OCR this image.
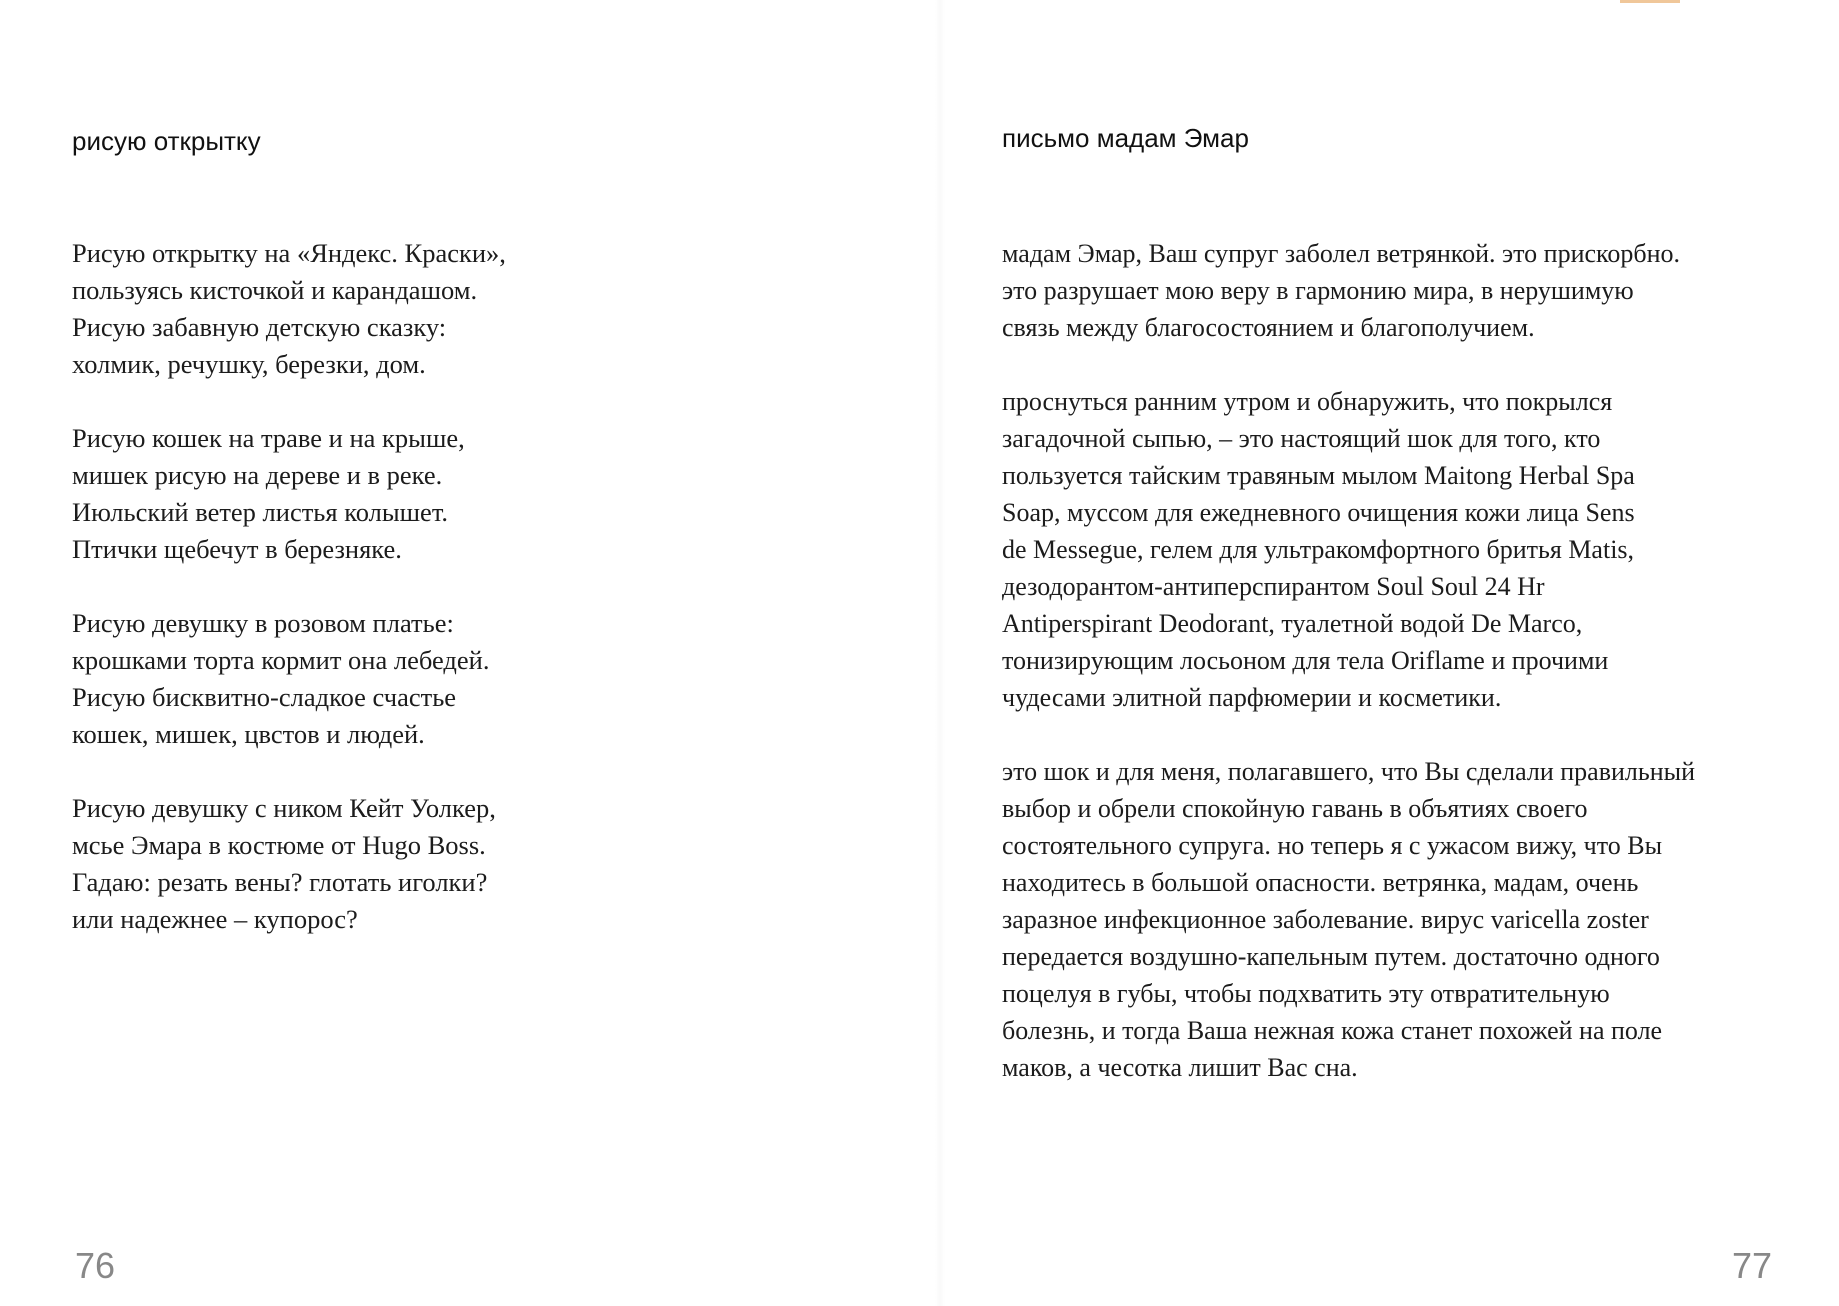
рисую открытку
Рисую открытку на «Яндекс. Краски»,
пользуясь кисточкой и карандашом.
Рисую забавную детскую сказку:
холмик, речушку, березки, дом.
Рисую кошек на траве и на крыше,
мишек рисую на дереве и в реке.
Июльский ветер листья колышет.
Птички щебечут в березняке.
Рисую девушку в розовом платье:
крошками торта кормит она лебедей.
Рисую бисквитно-сладкое счастье
кошек, мишек, цвстов и людей.
Рисую девушку с ником Кейт Уолкер,
мсье Эмара в костюме от Hugo Boss.
Гадаю: резать вены? глотать иголки?
или надежнее – купорос?
76
письмо мадам Эмар
мадам Эмар, Ваш супруг заболел ветрянкой. это прискорбно.
это разрушает мою веру в гармонию мира, в нерушимую
связь между благосостоянием и благополучием.
проснуться ранним утром и обнаружить, что покрылся
загадочной сыпью, – это настоящий шок для того, кто
пользуется тайским травяным мылом Maitong Herbal Spa
Soap, муссом для ежедневного очищения кожи лица Sens
de Messegue, гелем для ультракомфортного бритья Matis,
дезодорантом-антиперспирантом Soul Soul 24 Hr
Antiperspirant Deodorant, туалетной водой De Marco,
тонизирующим лосьоном для тела Oriflame и прочими
чудесами элитной парфюмерии и косметики.
это шок и для меня, полагавшего, что Вы сделали правильный
выбор и обрели спокойную гавань в объятиях своего
состоятельного супруга. но теперь я с ужасом вижу, что Вы
находитесь в большой опасности. ветрянка, мадам, очень
заразное инфекционное заболевание. вирус varicella zoster
передается воздушно-капельным путем. достаточно одного
поцелуя в губы, чтобы подхватить эту отвратительную
болезнь, и тогда Ваша нежная кожа станет похожей на поле
маков, а чесотка лишит Вас сна.
77
